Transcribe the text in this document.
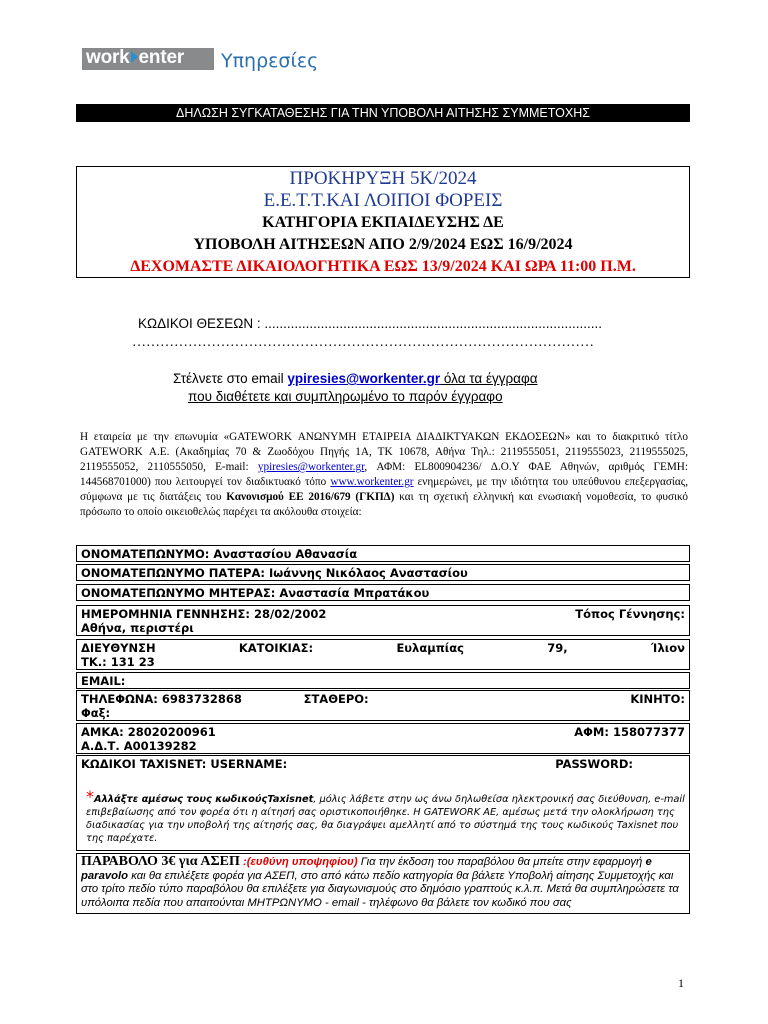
work enter Υπηρεσίες
ΔΗΛΩΣΗ ΣΥΓΚΑΤΑΘΕΣΗΣ ΓΙΑ ΤΗΝ ΥΠΟΒΟΛΗ ΑΙΤΗΣΗΣ ΣΥΜΜΕΤΟΧΗΣ
ΠΡΟΚΗΡΥΞΗ 5Κ/2024
Ε.Ε.Τ.Τ.ΚΑΙ ΛΟΙΠΟΙ ΦΟΡΕΙΣ
ΚΑΤΗΓΟΡΙΑ ΕΚΠΑΙΔΕΥΣΗΣ ΔΕ
ΥΠΟΒΟΛΗ ΑΙΤΗΣΕΩΝ ΑΠΟ 2/9/2024 ΕΩΣ 16/9/2024
ΔΕΧΟΜΑΣΤΕ ΔΙΚΑΙΟΛΟΓΗΤΙΚΑ ΕΩΣ 13/9/2024 ΚΑΙ ΩΡΑ 11:00 Π.Μ.
ΚΩΔΙΚΟΙ ΘΕΣΕΩΝ : ..........................................................................................
………………………………………………………………………………………
Στέλνετε στο email ypiresies@workenter.gr όλα τα έγγραφα
που διαθέτετε και συμπληρωμένο το παρόν έγγραφο
Η εταιρεία με την επωνυμία «GATEWORK ΑΝΩΝΥΜΗ ΕΤΑΙΡΕΙΑ ΔΙΑΔΙΚΤΥΑΚΩΝ ΕΚΔΟΣΕΩΝ» και το διακριτικό τίτλο GATEWORK Α.Ε. (Ακαδημίας 70 & Ζωοδόχου Πηγής 1Α, ΤΚ 10678, Αθήνα Τηλ.: 2119555051, 2119555023, 2119555025, 2119555052, 2110555050, E-mail: ypiresies@workenter.gr, ΑΦΜ: EL800904236/ Δ.Ο.Υ ΦΑΕ Αθηνών, αριθμός ΓΕΜΗ: 144568701000) που λειτουργεί τον διαδικτυακό τόπο www.workenter.gr ενημερώνει, με την ιδιότητα του υπεύθυνου επεξεργασίας, σύμφωνα με τις διατάξεις του Κανονισμού ΕΕ 2016/679 (ΓΚΠΔ) και τη σχετική ελληνική και ενωσιακή νομοθεσία, το φυσικό πρόσωπο το οποίο οικειοθελώς παρέχει τα ακόλουθα στοιχεία:
ΟΝΟΜΑΤΕΠΩΝΥΜΟ: Αναστασίου Αθανασία
ΟΝΟΜΑΤΕΠΩΝΥΜΟ ΠΑΤΕΡΑ: Ιωάννης Νικόλαος Αναστασίου
ΟΝΟΜΑΤΕΠΩΝΥΜΟ ΜΗΤΕΡΑΣ: Αναστασία Μπρατάκου
ΗΜΕΡΟΜΗΝΙΑ ΓΕΝΝΗΣΗΣ: 28/02/2002	Τόπος Γέννησης:
Αθήνα, περιστέρι
ΔΙΕΥΘΥΝΣΗ	ΚΑΤΟΙΚΙΑΣ:	Ευλαμπίας	79,	Ίλιον
ΤΚ.: 131 23
EMAIL:
ΤΗΛΕΦΩΝΑ: 6983732868	ΣΤΑΘΕΡΟ:	ΚΙΝΗΤΟ:
Φαξ:
ΑΜΚΑ: 28020200961	ΑΦΜ: 158077377
Α.Δ.Τ. Α00139282
ΚΩΔΙΚΟΙ TAXISNET: USERNAME:	PASSWORD:
*Αλλάξτε αμέσως τους κωδικούςTaxisnet, μόλις λάβετε στην ως άνω δηλωθείσα ηλεκτρονική σας διεύθυνση, e-mail επιβεβαίωσης από τον φορέα ότι η αίτησή σας οριστικοποιήθηκε. Η GATEWORK ΑΕ, αμέσως μετά την ολοκλήρωση της διαδικασίας για την υποβολή της αίτησής σας, θα διαγράψει αμελλητί από το σύστημά της τους κωδικούς Taxisnet που της παρέχατε.
ΠΑΡΑΒΟΛΟ 3€ για ΑΣΕΠ :(ευθύνη υποψηφίου) Για την έκδοση του παραβόλου θα μπείτε στην εφαρμογή e paravolo και θα επιλέξετε φορέα για ΑΣΕΠ, στο από κάτω πεδίο κατηγορία θα βάλετε Υποβολή αίτησης Συμμετοχής και στο τρίτο πεδίο τύπο παραβόλου θα επιλέξετε για διαγωνισμούς στο δημόσιο γραπτούς κ.λ.π. Μετά θα συμπληρώσετε τα υπόλοιπα πεδία που απαιτούνται ΜΗΤΡΩΝΥΜΟ - email - τηλέφωνο θα βάλετε τον κωδικό που σας
1
